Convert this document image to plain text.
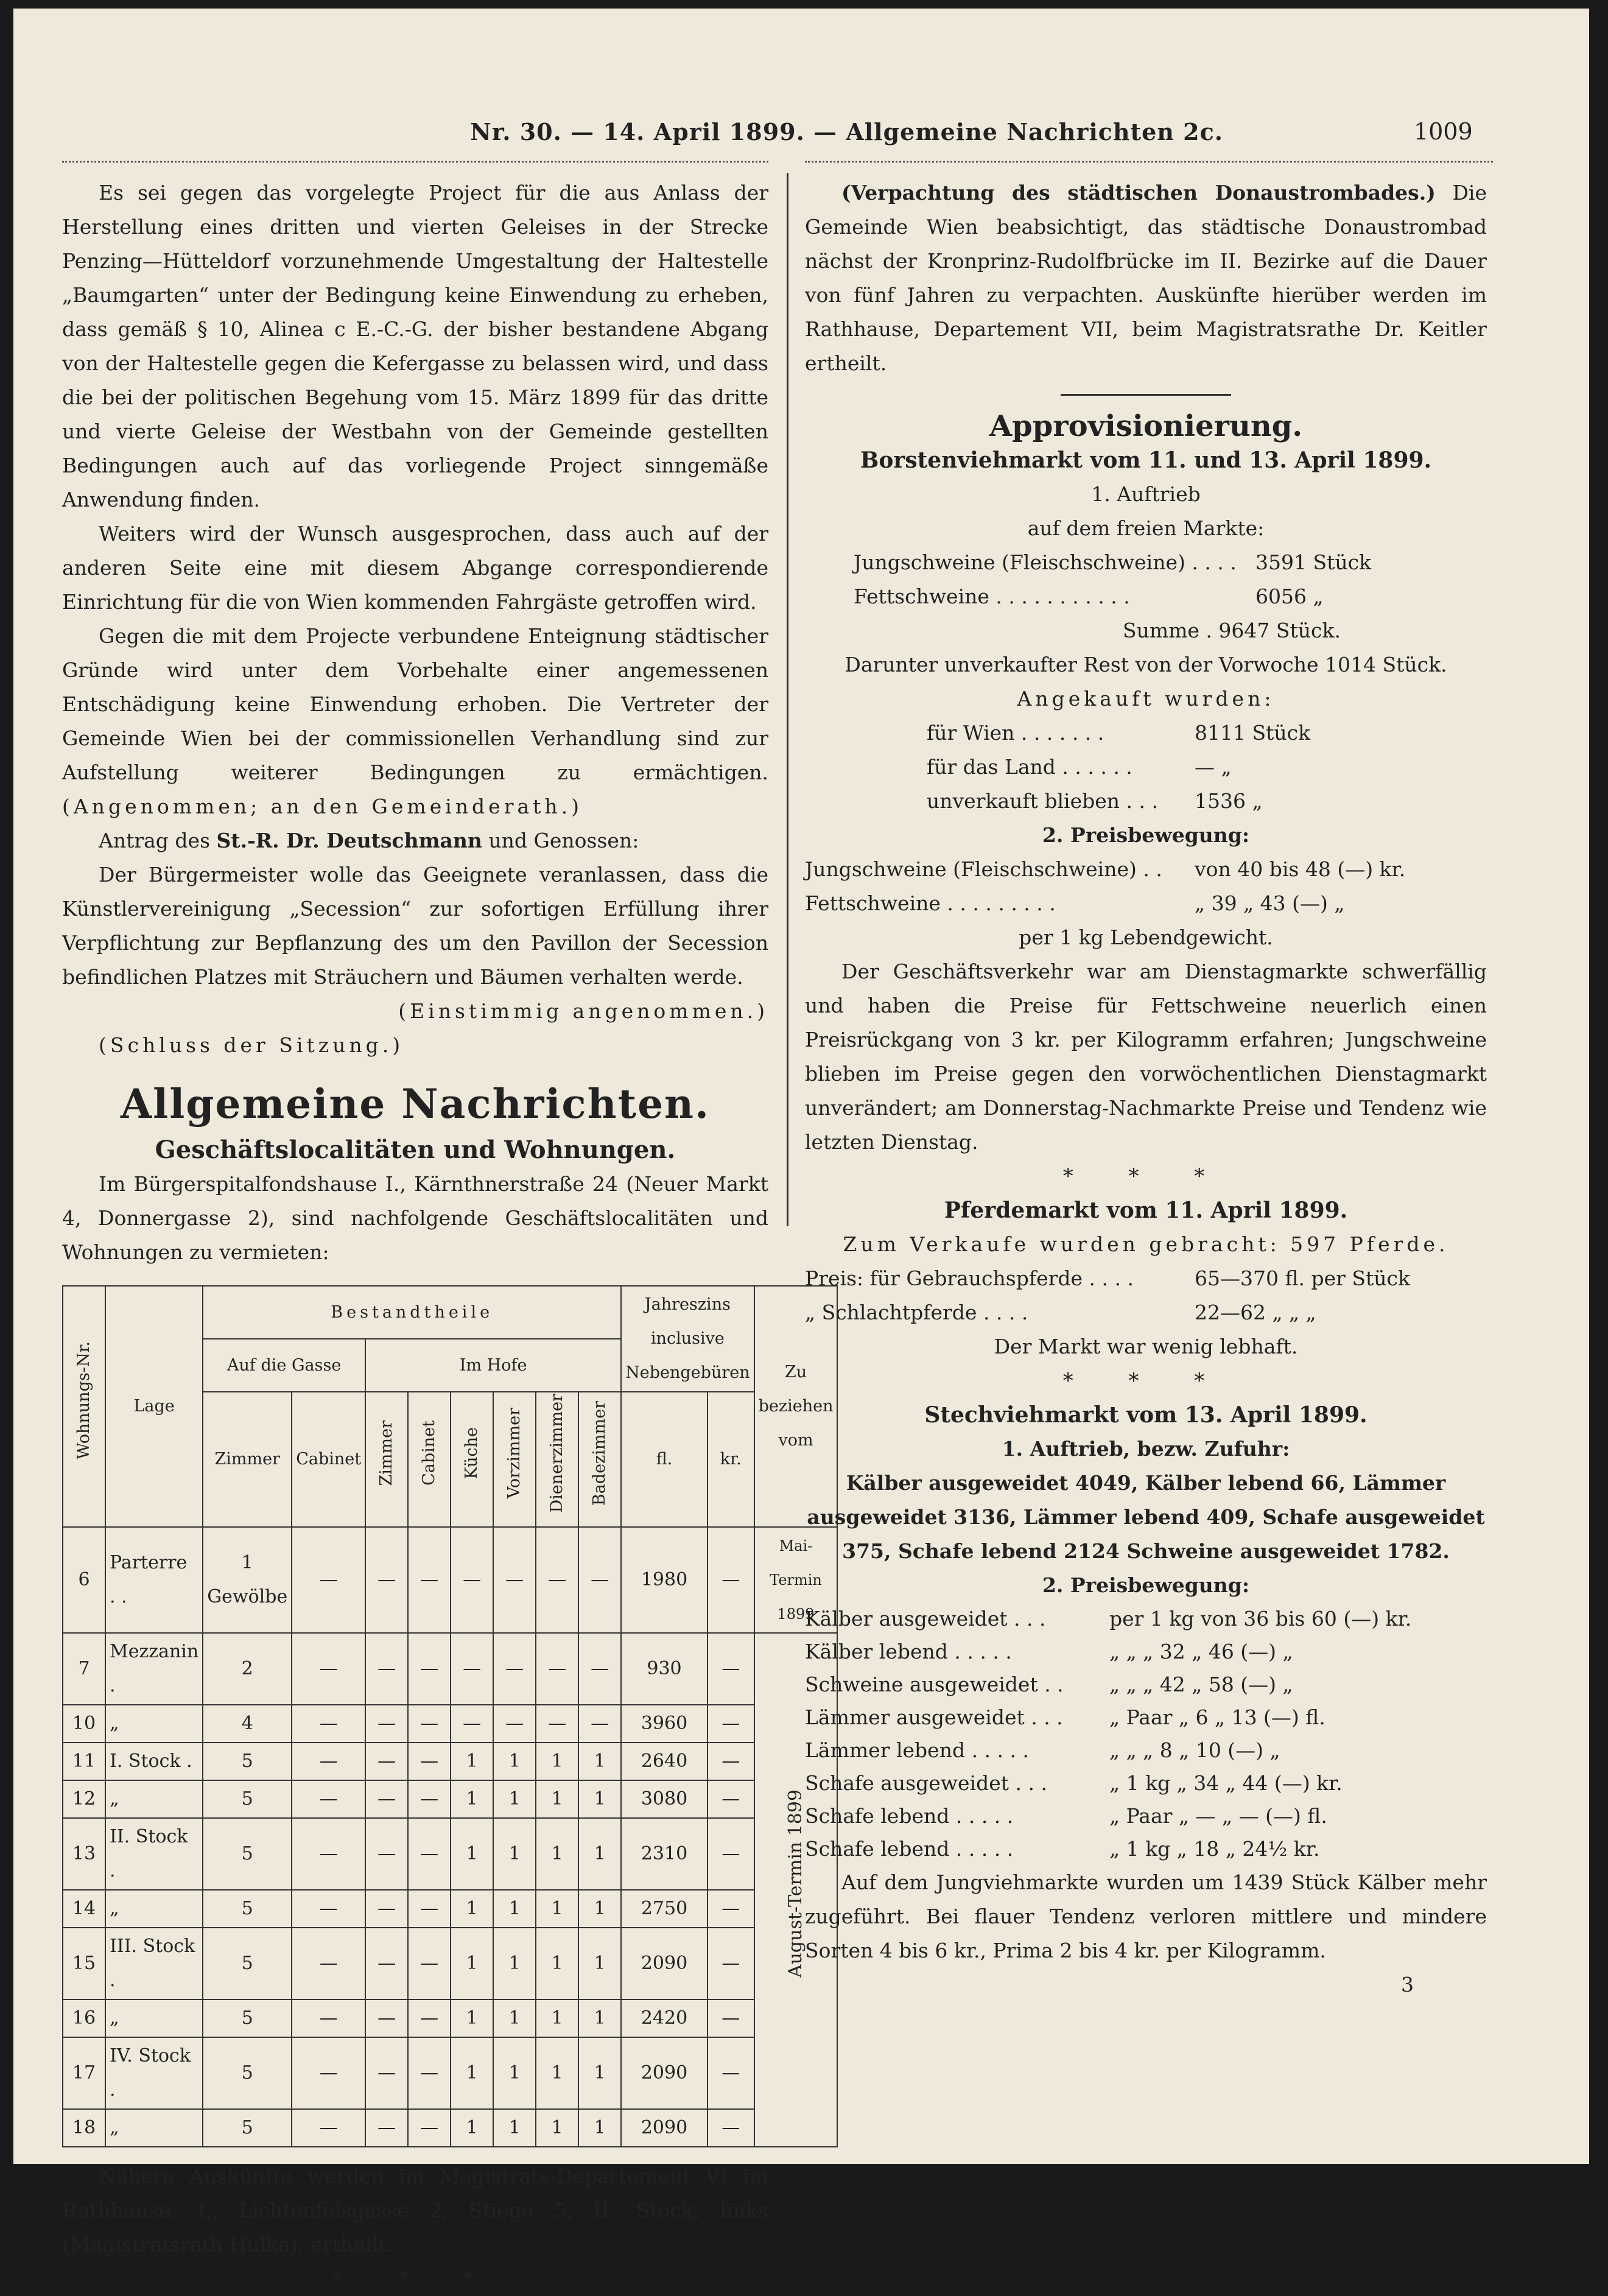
Nr. 30. — 14. April 1899. — Allgemeine Nachrichten 2c.	1009

Es sei gegen das vorgelegte Project für die aus Anlass der Herstellung eines dritten und vierten Geleises in der Strecke Penzing—Hütteldorf vorzunehmende Umgestaltung der Haltestelle „Baumgarten“ unter der Bedingung keine Einwendung zu erheben, dass gemäß § 10, Alinea c E.-C.-G. der bisher bestandene Abgang von der Haltestelle gegen die Kefergasse zu belassen wird, und dass die bei der politischen Begehung vom 15. März 1899 für das dritte und vierte Geleise der Westbahn von der Gemeinde gestellten Bedingungen auch auf das vorliegende Project sinngemäße Anwendung finden.

Weiters wird der Wunsch ausgesprochen, dass auch auf der anderen Seite eine mit diesem Abgange correspondierende Einrichtung für die von Wien kommenden Fahrgäste getroffen wird.

Gegen die mit dem Projecte verbundene Enteignung städtischer Gründe wird unter dem Vorbehalte einer angemessenen Entschädigung keine Einwendung erhoben. Die Vertreter der Gemeinde Wien bei der commissionellen Verhandlung sind zur Aufstellung weiterer Bedingungen zu ermächtigen. (Angenommen; an den Gemeinderath.)

Antrag des St.-R. Dr. Deutschmann und Genossen:

Der Bürgermeister wolle das Geeignete veranlassen, dass die Künstlervereinigung „Secession“ zur sofortigen Erfüllung ihrer Verpflichtung zur Bepflanzung des um den Pavillon der Secession befindlichen Platzes mit Sträuchern und Bäumen verhalten werde.

(Einstimmig angenommen.)

(Schluss der Sitzung.)

Allgemeine Nachrichten.
Geschäftslocalitäten und Wohnungen.

Im Bürgerspitalfondshause I., Kärnthnerstraße 24 (Neuer Markt 4, Donnergasse 2), sind nachfolgende Geschäftslocalitäten und Wohnungen zu vermieten:

Wohnungs-Nr.	Lage	Bestandtheile								Jahreszins inclusive Nebengebüren		Zu beziehen vom
		Auf die Gasse		Im Hofe								
		Zimmer	Cabinet	Zimmer	Cabinet	Küche	Vorzimmer	Dienerzimmer	Badezimmer	fl.	kr.	
6	Parterre . .	1 Gewölbe	—	—	—	—	—	—	—	1980	—	Mai-Termin 1899
7	Mezzanin .	2	—	—	—	—	—	—	—	930	—	August-Termin 1899
10	„	4	—	—	—	—	—	—	—	3960	—	
11	I. Stock .	5	—	—	—	1	1	1	1	2640	—	
12	„	5	—	—	—	1	1	1	1	3080	—	
13	II. Stock .	5	—	—	—	1	1	1	1	2310	—	
14	„	5	—	—	—	1	1	1	1	2750	—	
15	III. Stock .	5	—	—	—	1	1	1	1	2090	—	
16	„	5	—	—	—	1	1	1	1	2420	—	
17	IV. Stock .	5	—	—	—	1	1	1	1	2090	—	
18	„	5	—	—	—	1	1	1	1	2090	—	

Nähere Auskünfte werden im Magistrats-Departement VI im Rathhause, I., Lichtenfelsgasse 2, Stiege 5, II. Stock, links (Magistratsrath Hulka), ertheilt.

* * *

(Verpachtung des städtischen Donaustrombades.) Die Gemeinde Wien beabsichtigt, das städtische Donaustrombad nächst der Kronprinz-Rudolfbrücke im II. Bezirke auf die Dauer von fünf Jahren zu verpachten. Auskünfte hierüber werden im Rathhause, Departement VII, beim Magistratsrathe Dr. Keitler ertheilt.

Approvisionierung.
Borstenviehmarkt vom 11. und 13. April 1899.

1. Auftrieb

auf dem freien Markte:

Jungschweine (Fleischschweine) . . . . 3591 Stück
Fettschweine . . . . . . . . . . .	6056 „

Summe . 9647 Stück.

Darunter unverkaufter Rest von der Vorwoche 1014 Stück.

Angekauft wurden:

für Wien . . . . . . .	8111 Stück
für das Land . . . . . .	— „
unverkauft blieben . . .	1536 „

2. Preisbewegung:

Jungschweine (Fleischschweine) . .	von 40 bis 48 (—) kr.
Fettschweine . . . . . . . . .	„ 39 „ 43 (—) „

per 1 kg Lebendgewicht.

Der Geschäftsverkehr war am Dienstagmarkte schwerfällig und haben die Preise für Fettschweine neuerlich einen Preisrückgang von 3 kr. per Kilogramm erfahren; Jungschweine blieben im Preise gegen den vorwöchentlichen Dienstagmarkt unverändert; am Donnerstag-Nachmarkte Preise und Tendenz wie letzten Dienstag.

* * *

Pferdemarkt vom 11. April 1899.

Zum Verkaufe wurden gebracht: 597 Pferde.

Preis: für Gebrauchspferde . . . .	65—370 fl. per Stück
„ Schlachtpferde . . . .	22—62 „ „ „

Der Markt war wenig lebhaft.

* * *

Stechviehmarkt vom 13. April 1899.

1. Auftrieb, bezw. Zufuhr:

Kälber ausgeweidet 4049, Kälber lebend 66, Lämmer ausgeweidet 3136, Lämmer lebend 409, Schafe ausgeweidet 375, Schafe lebend 2124 Schweine ausgeweidet 1782.

2. Preisbewegung:

Kälber ausgeweidet . . .	per 1 kg von 36 bis 60 (—) kr.
Kälber lebend . . . . .	„ „ „ 32 „ 46 (—) „
Schweine ausgeweidet . .	„ „ „ 42 „ 58 (—) „
Lämmer ausgeweidet . . .	„ Paar „ 6 „ 13 (—) fl.
Lämmer lebend . . . . .	„ „ „ 8 „ 10 (—) „
Schafe ausgeweidet . . .	„ 1 kg „ 34 „ 44 (—) kr.
Schafe lebend . . . . .	„ Paar „ — „ — (—) fl.
Schafe lebend . . . . .	„ 1 kg „ 18 „ 24½ kr.

Auf dem Jungviehmarkte wurden um 1439 Stück Kälber mehr zugeführt. Bei flauer Tendenz verloren mittlere und mindere Sorten 4 bis 6 kr., Prima 2 bis 4 kr. per Kilogramm.

3
